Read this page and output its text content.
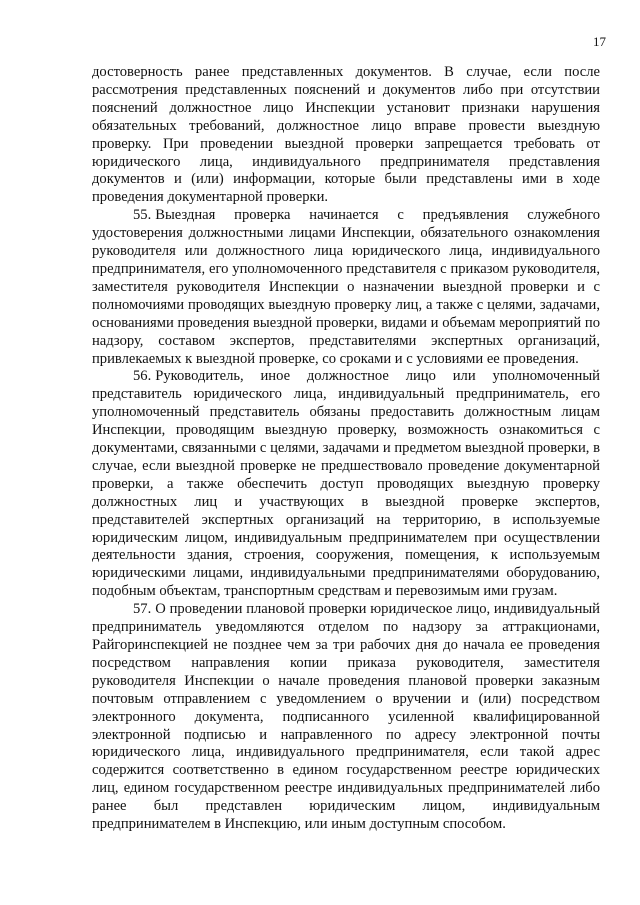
17

достоверность ранее представленных документов. В случае, если после рассмотрения представленных пояснений и документов либо при отсутствии пояснений должностное лицо Инспекции установит признаки нарушения обязательных требований, должностное лицо вправе провести выездную проверку. При проведении выездной проверки запрещается требовать от юридического лица, индивидуального предпринимателя представления документов и (или) информации, которые были представлены ими в ходе проведения документарной проверки.

55. Выездная проверка начинается с предъявления служебного удостоверения должностными лицами Инспекции, обязательного ознакомления руководителя или должностного лица юридического лица, индивидуального предпринимателя, его уполномоченного представителя с приказом руководителя, заместителя руководителя Инспекции о назначении выездной проверки и с полномочиями проводящих выездную проверку лиц, а также с целями, задачами, основаниями проведения выездной проверки, видами и объемам мероприятий по надзору, составом экспертов, представителями экспертных организаций, привлекаемых к выездной проверке, со сроками и с условиями ее проведения.

56. Руководитель, иное должностное лицо или уполномоченный представитель юридического лица, индивидуальный предприниматель, его уполномоченный представитель обязаны предоставить должностным лицам Инспекции, проводящим выездную проверку, возможность ознакомиться с документами, связанными с целями, задачами и предметом выездной проверки, в случае, если выездной проверке не предшествовало проведение документарной проверки, а также обеспечить доступ проводящих выездную проверку должностных лиц и участвующих в выездной проверке экспертов, представителей экспертных организаций на территорию, в используемые юридическим лицом, индивидуальным предпринимателем при осуществлении деятельности здания, строения, сооружения, помещения, к используемым юридическими лицами, индивидуальными предпринимателями оборудованию, подобным объектам, транспортным средствам и перевозимым ими грузам.

57. О проведении плановой проверки юридическое лицо, индивидуальный предприниматель уведомляются отделом по надзору за аттракционами, Райгоринспекцией не позднее чем за три рабочих дня до начала ее проведения посредством направления копии приказа руководителя, заместителя руководителя Инспекции о начале проведения плановой проверки заказным почтовым отправлением с уведомлением о вручении и (или) посредством электронного документа, подписанного усиленной квалифицированной электронной подписью и направленного по адресу электронной почты юридического лица, индивидуального предпринимателя, если такой адрес содержится соответственно в едином государственном реестре юридических лиц, едином государственном реестре индивидуальных предпринимателей либо ранее был представлен юридическим лицом, индивидуальным предпринимателем в Инспекцию, или иным доступным способом.
